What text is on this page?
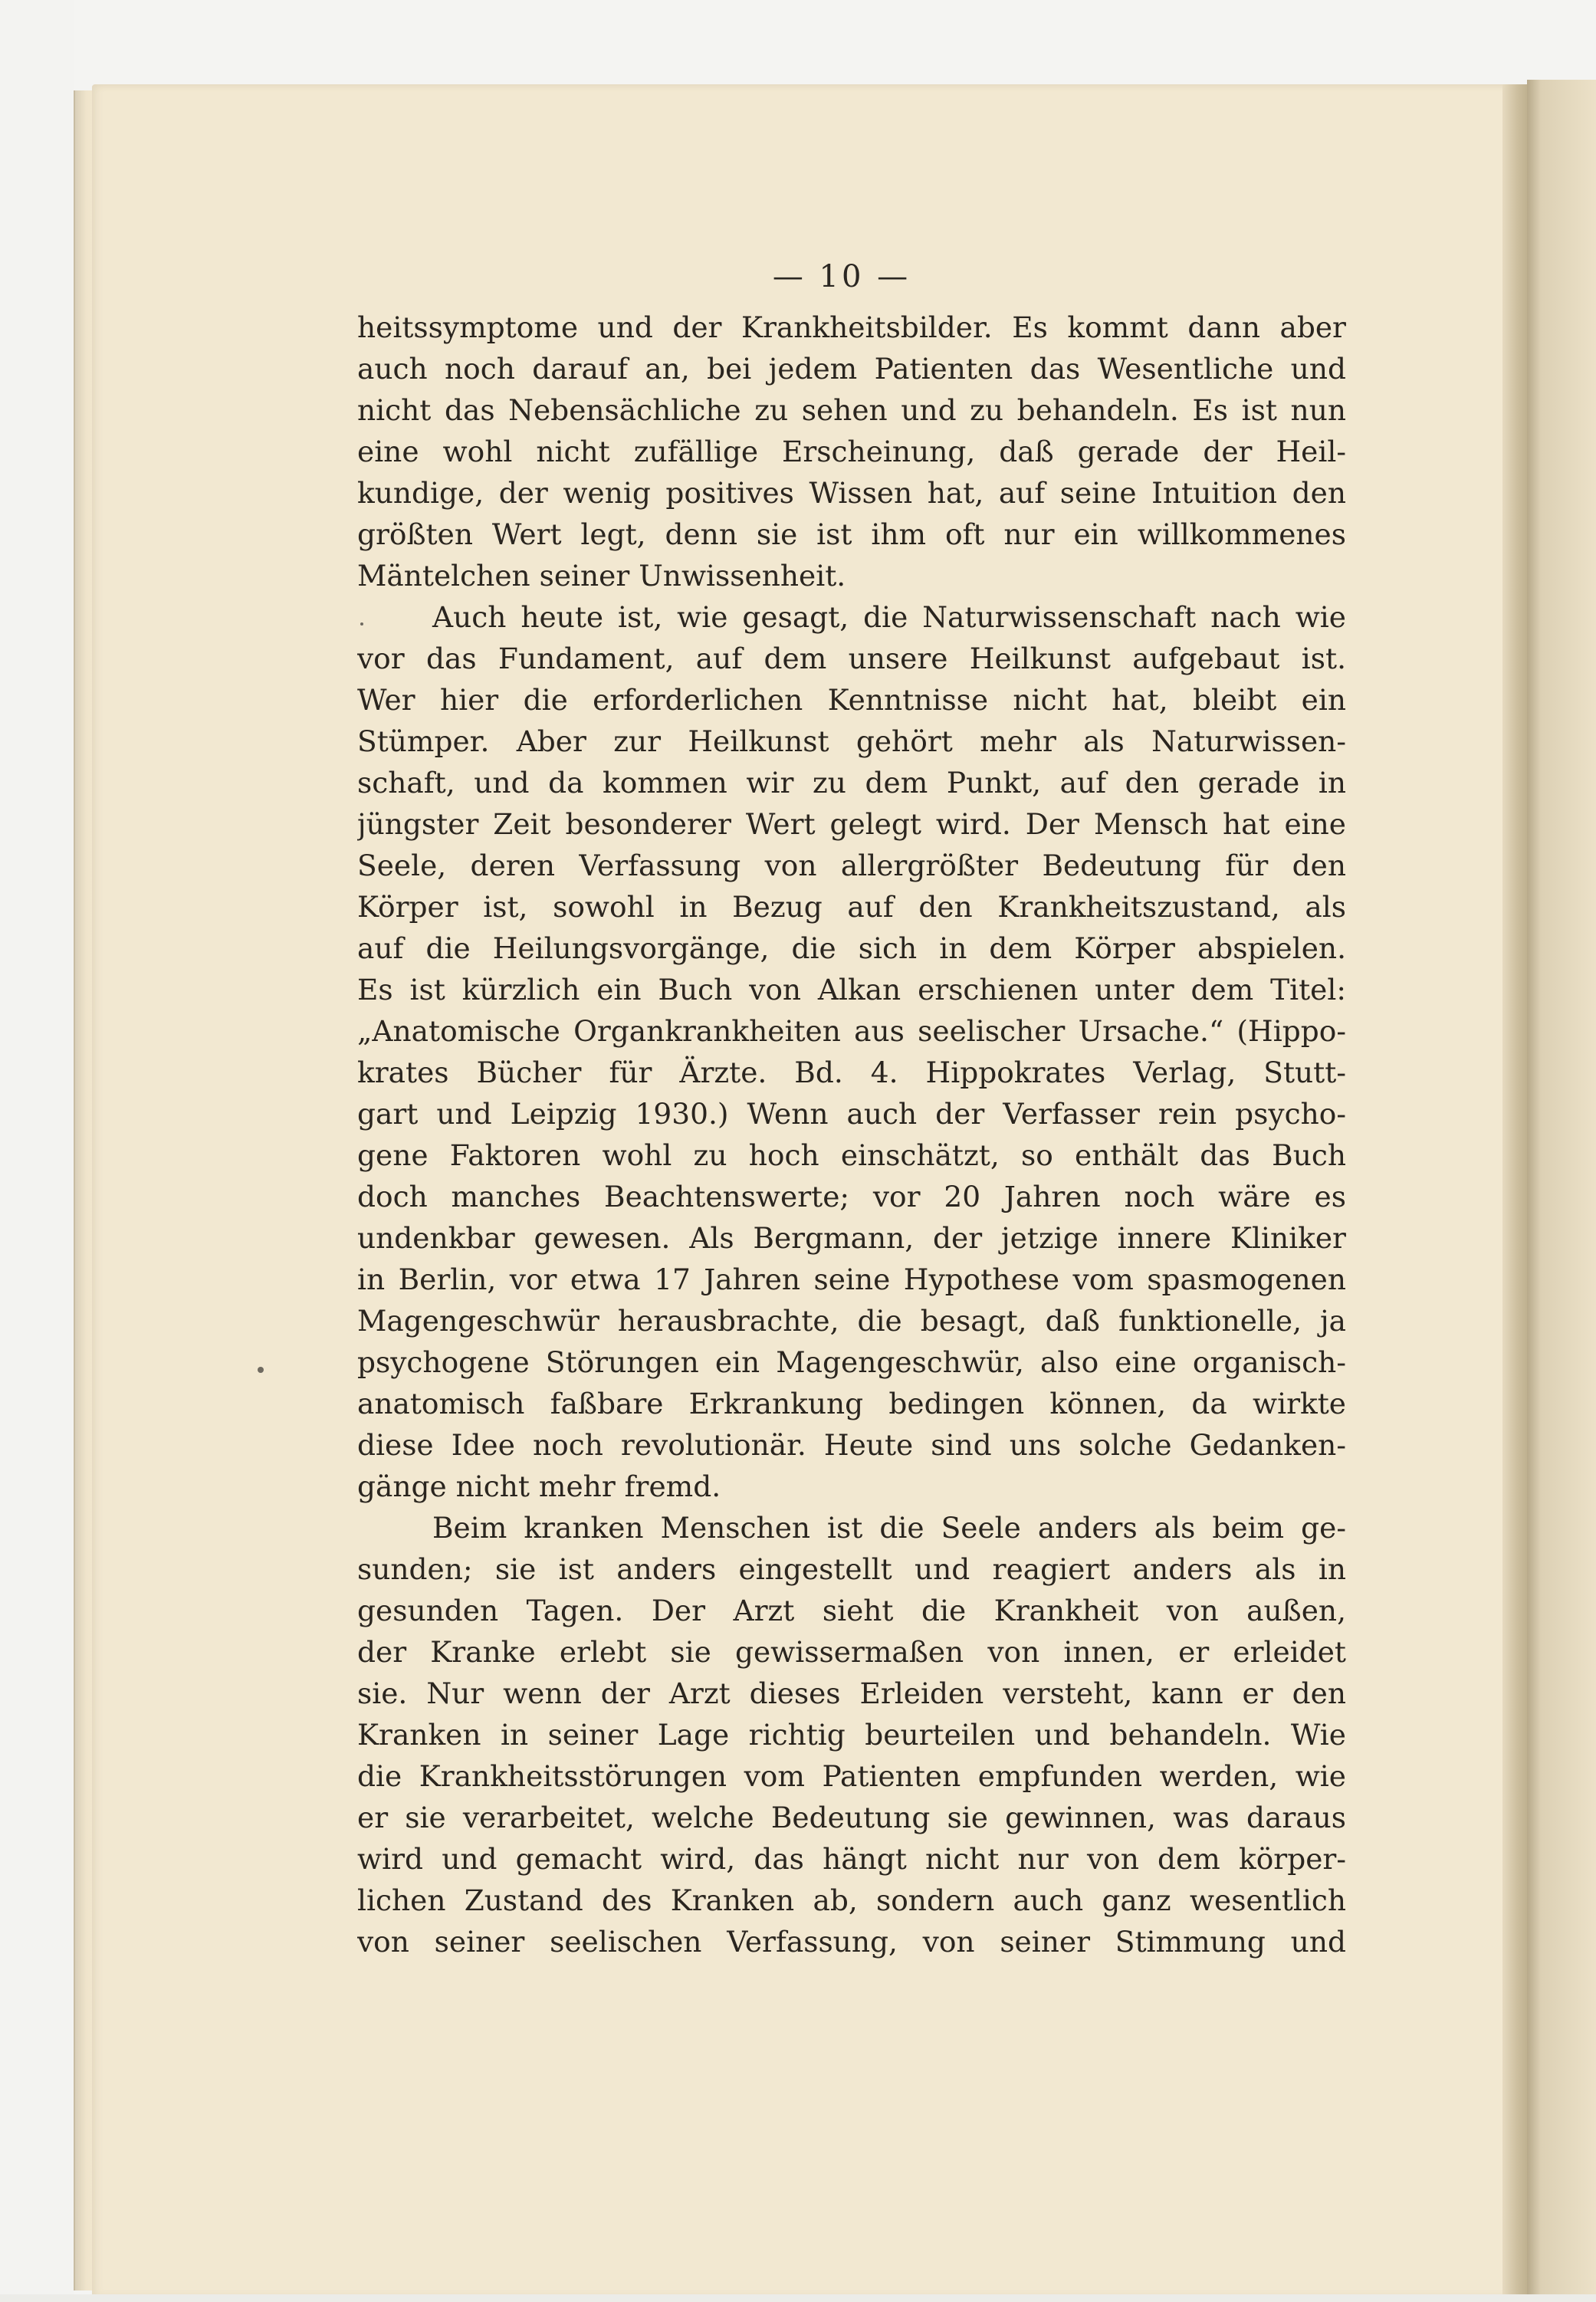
— 10 —
heitssymptome und der Krankheitsbilder. Es kommt dann aber
auch noch darauf an, bei jedem Patienten das Wesentliche und
nicht das Nebensächliche zu sehen und zu behandeln. Es ist nun
eine wohl nicht zufällige Erscheinung, daß gerade der Heil-
kundige, der wenig positives Wissen hat, auf seine Intuition den
größten Wert legt, denn sie ist ihm oft nur ein willkommenes
Mäntelchen seiner Unwissenheit.
Auch heute ist, wie gesagt, die Naturwissenschaft nach wie
vor das Fundament, auf dem unsere Heilkunst aufgebaut ist.
Wer hier die erforderlichen Kenntnisse nicht hat, bleibt ein
Stümper. Aber zur Heilkunst gehört mehr als Naturwissen-
schaft, und da kommen wir zu dem Punkt, auf den gerade in
jüngster Zeit besonderer Wert gelegt wird. Der Mensch hat eine
Seele, deren Verfassung von allergrößter Bedeutung für den
Körper ist, sowohl in Bezug auf den Krankheitszustand, als
auf die Heilungsvorgänge, die sich in dem Körper abspielen.
Es ist kürzlich ein Buch von Alkan erschienen unter dem Titel:
„Anatomische Organkrankheiten aus seelischer Ursache.“ (Hippo-
krates Bücher für Ärzte. Bd. 4. Hippokrates Verlag, Stutt-
gart und Leipzig 1930.) Wenn auch der Verfasser rein psycho-
gene Faktoren wohl zu hoch einschätzt, so enthält das Buch
doch manches Beachtenswerte; vor 20 Jahren noch wäre es
undenkbar gewesen. Als Bergmann, der jetzige innere Kliniker
in Berlin, vor etwa 17 Jahren seine Hypothese vom spasmogenen
Magengeschwür herausbrachte, die besagt, daß funktionelle, ja
psychogene Störungen ein Magengeschwür, also eine organisch-
anatomisch faßbare Erkrankung bedingen können, da wirkte
diese Idee noch revolutionär. Heute sind uns solche Gedanken-
gänge nicht mehr fremd.
Beim kranken Menschen ist die Seele anders als beim ge-
sunden; sie ist anders eingestellt und reagiert anders als in
gesunden Tagen. Der Arzt sieht die Krankheit von außen,
der Kranke erlebt sie gewissermaßen von innen, er erleidet
sie. Nur wenn der Arzt dieses Erleiden versteht, kann er den
Kranken in seiner Lage richtig beurteilen und behandeln. Wie
die Krankheitsstörungen vom Patienten empfunden werden, wie
er sie verarbeitet, welche Bedeutung sie gewinnen, was daraus
wird und gemacht wird, das hängt nicht nur von dem körper-
lichen Zustand des Kranken ab, sondern auch ganz wesentlich
von seiner seelischen Verfassung, von seiner Stimmung und
